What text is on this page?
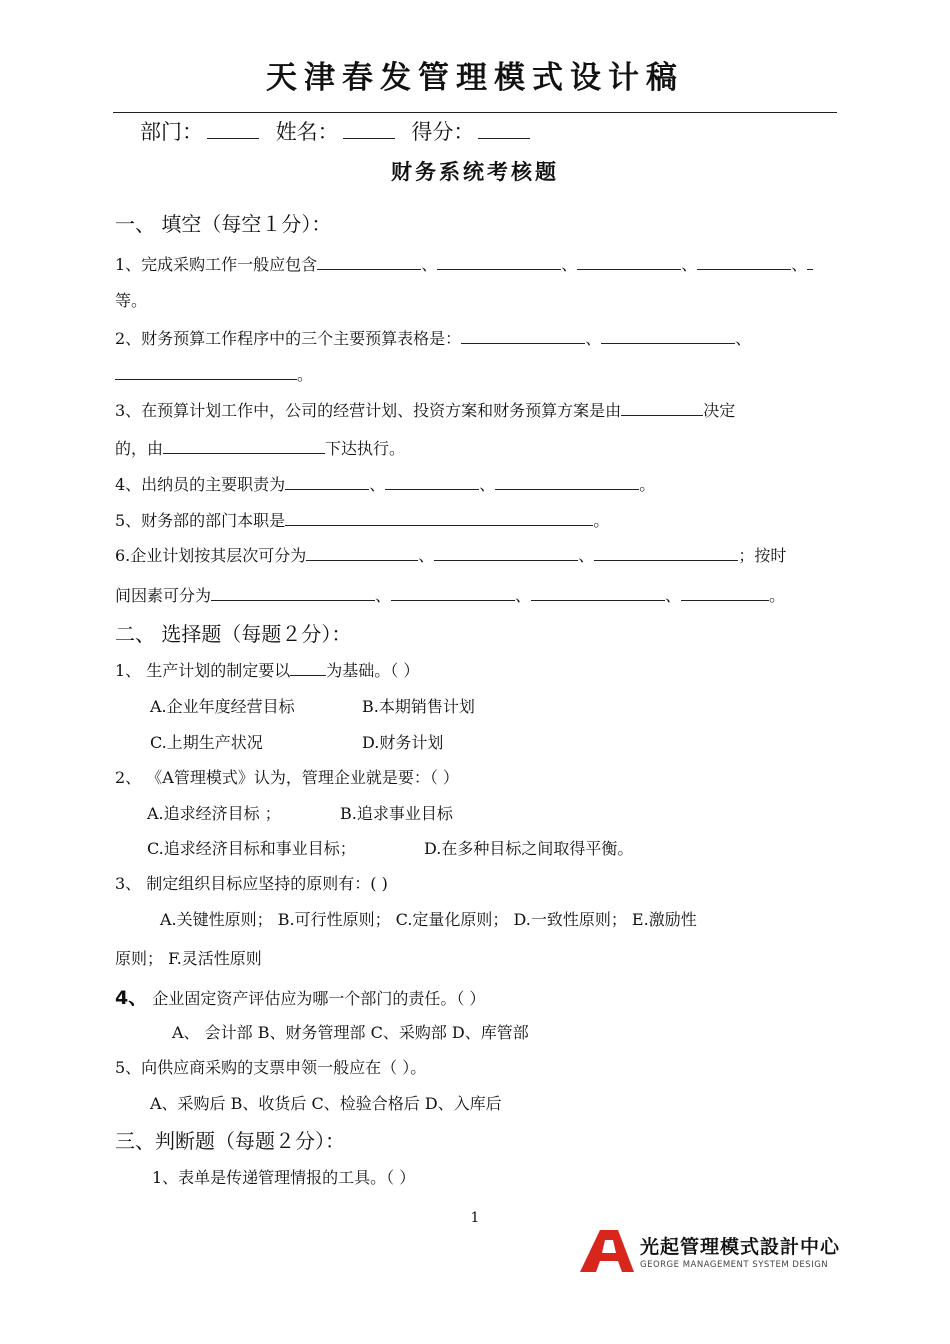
天津春发管理模式设计稿
部门：	姓名：	得分：
财务系统考核题
一、 填空（每空１分）：
1、完成采购工作一般应包含	、	、	、	、
等。
2、财务预算工作程序中的三个主要预算表格是：	、	、
。
3、在预算计划工作中，公司的经营计划、投资方案和财务预算方案是由	决定
的，由	下达执行。
4、出纳员的主要职责为	、	、	。
5、财务部的部门本职是	。
6.企业计划按其层次可分为	、	、	；按时
间因素可分为	、	、	、	。
二、 选择题（每题２分）：
1、 生产计划的制定要以 为基础。（ ）
A.企业年度经营目标	B.本期销售计划
C.上期生产状况	D.财务计划
2、 《A管理模式》认为，管理企业就是要：（ ）
A.追求经济目标 ；	B.追求事业目标
C.追求经济目标和事业目标；	D.在多种目标之间取得平衡。
3、 制定组织目标应坚持的原则有：( )
A.关键性原则； B.可行性原则； C.定量化原则； D.一致性原则； E.激励性
原则； F.灵活性原则
4、 企业固定资产评估应为哪一个部门的责任。（ ）
A、 会计部 B、财务管理部 C、采购部 D、库管部
5、向供应商采购的支票申领一般应在（ ）。
A、采购后 B、收货后 C、检验合格后 D、入库后
三、判断题（每题２分）：
1、表单是传递管理情报的工具。（ ）
1
光起管理模式設計中心
GEORGE MANAGEMENT SYSTEM DESIGN
